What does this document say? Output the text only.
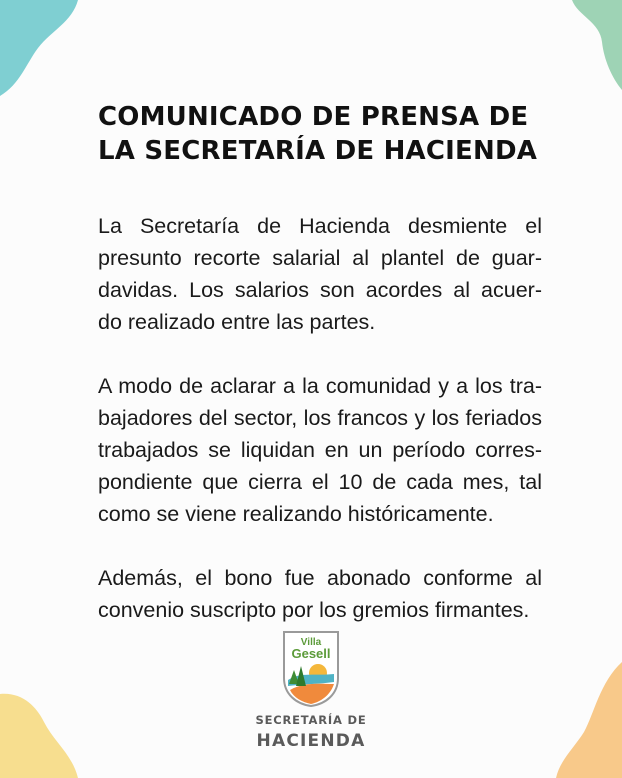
COMUNICADO DE PRENSA DE
LA SECRETARÍA DE HACIENDA

La Secretaría de Hacienda desmiente el
presunto recorte salarial al plantel de guar-
davidas. Los salarios son acordes al acuer-
do realizado entre las partes.

A modo de aclarar a la comunidad y a los tra-
bajadores del sector, los francos y los feriados
trabajados se liquidan en un período corres-
pondiente que cierra el 10 de cada mes, tal
como se viene realizando históricamente.

Además, el bono fue abonado conforme al
convenio suscripto por los gremios firmantes.

Villa
Gesell

SECRETARÍA DE

HACIENDA
